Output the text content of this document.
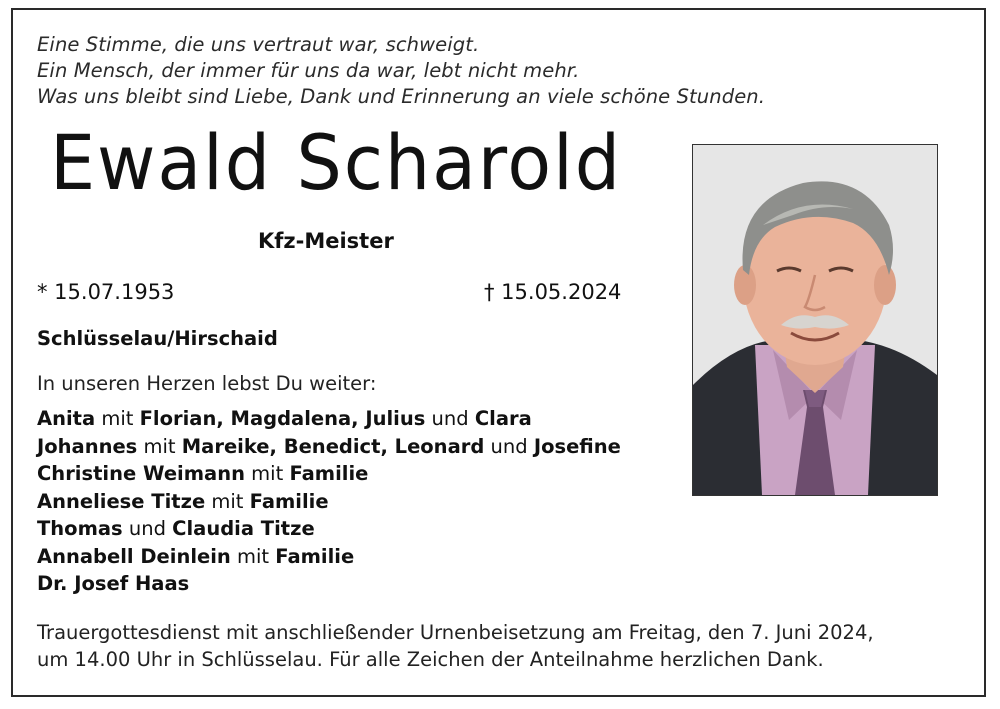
Eine Stimme, die uns vertraut war, schweigt.
Ein Mensch, der immer für uns da war, lebt nicht mehr.
Was uns bleibt sind Liebe, Dank und Erinnerung an viele schöne Stunden.
Ewald Scharold
Kfz-Meister
* 15.07.1953	† 15.05.2024
Schlüsselau/Hirschaid
In unseren Herzen lebst Du weiter:
Anita mit Florian, Magdalena, Julius und Clara
Johannes mit Mareike, Benedict, Leonard und Josefine
Christine Weimann mit Familie
Anneliese Titze mit Familie
Thomas und Claudia Titze
Annabell Deinlein mit Familie
Dr. Josef Haas
Trauergottesdienst mit anschließender Urnenbeisetzung am Freitag, den 7. Juni 2024,
um 14.00 Uhr in Schlüsselau. Für alle Zeichen der Anteilnahme herzlichen Dank.
